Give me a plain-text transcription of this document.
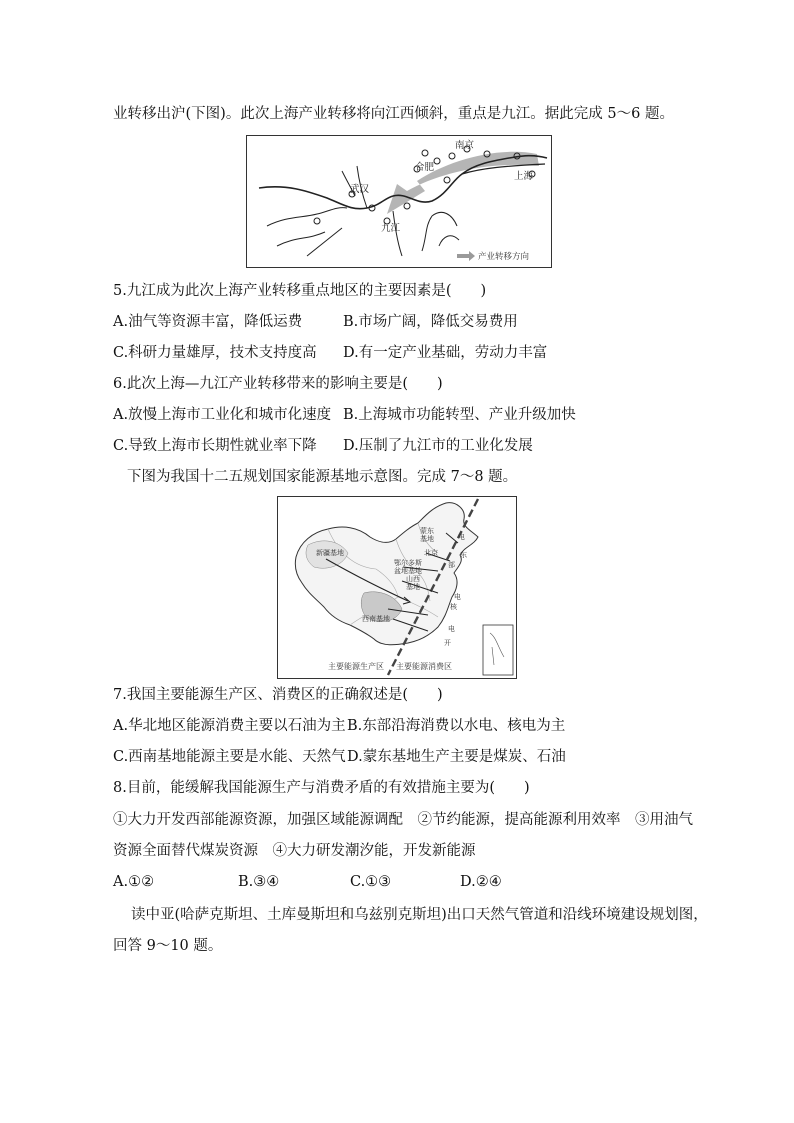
业转移出沪(下图)。此次上海产业转移将向江西倾斜，重点是九江。据此完成 5～6 题。
南京
合肥
上海
武汉
九江
产业转移方向
5.九江成为此次上海产业转移重点地区的主要因素是(　　)
A.油气等资源丰富，降低运费	B.市场广阔，降低交易费用
C.科研力量雄厚，技术支持度高 D.有一定产业基础，劳动力丰富
6.此次上海—九江产业转移带来的影响主要是(　　)
A.放慢上海市工业化和城市化速度 B.上海城市功能转型、产业升级加快
C.导致上海市长期性就业率下降 D.压制了九江市的工业化发展
下图为我国十二五规划国家能源基地示意图。完成 7～8 题。
蒙东
基地
北京
新疆基地
鄂尔多斯
盆地基地
山西
基地
电
东
部
核
电
电
开
西南基地
主要能源生产区 主要能源消费区
7.我国主要能源生产区、消费区的正确叙述是(　　)
A.华北地区能源消费主要以石油为主 B.东部沿海消费以水电、核电为主
C.西南基地能源主要是水能、天然气 D.蒙东基地生产主要是煤炭、石油
8.目前，能缓解我国能源生产与消费矛盾的有效措施主要为(　　)
①大力开发西部能源资源，加强区域能源调配　②节约能源，提高能源利用效率　③用油气
资源全面替代煤炭资源　④大力研发潮汐能，开发新能源
A.①②	B.③④	C.①③	D.②④
读中亚(哈萨克斯坦、土库曼斯坦和乌兹别克斯坦)出口天然气管道和沿线环境建设规划图，
回答 9～10 题。
